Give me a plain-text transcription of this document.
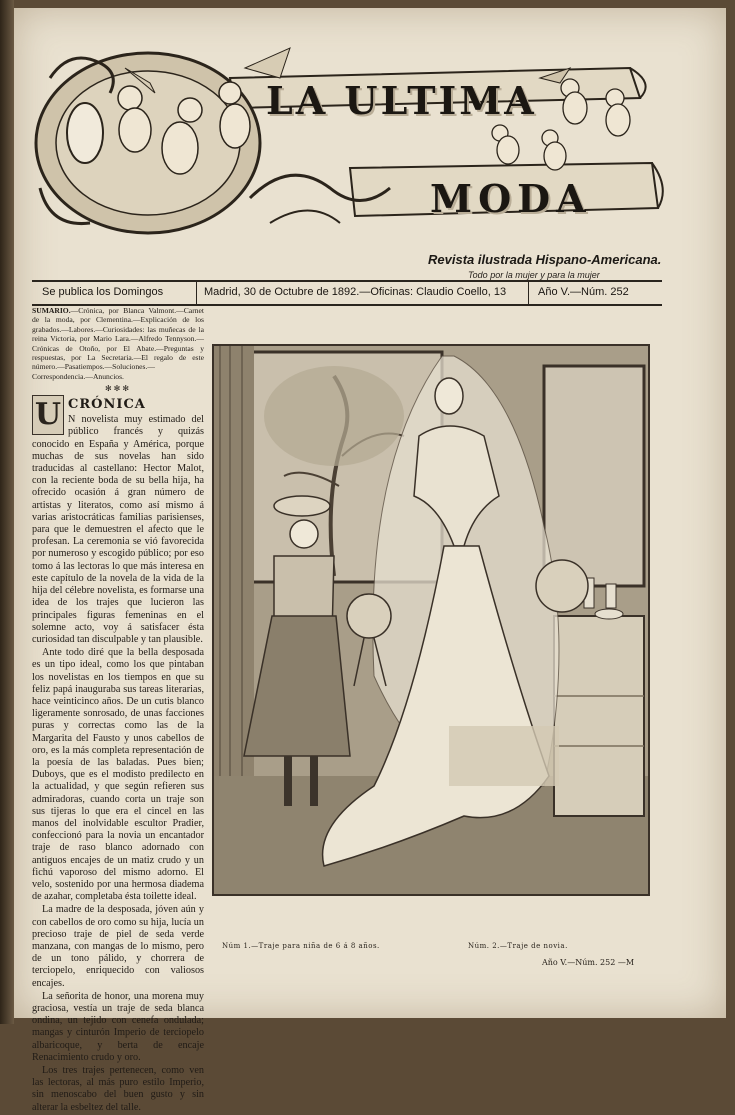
LA ULTIMA
MODA
Revista ilustrada Hispano-Americana.
Todo por la mujer y para la mujer
Se publica los Domingos	Madrid, 30 de Octubre de 1892.—Oficinas: Claudio Coello, 13	Año V.—Núm. 252

SUMARIO.—Crónica, por Blanca Valmont.—Carnet de la moda, por Clementina.—Explicación de los grabados.—Labores.—Curiosidades: las muñecas de la reina Victoria, por Mario Lara.—Alfredo Tennyson.—Crónicas de Otoño, por El Abate.—Preguntas y respuestas, por La Secretaria.—El regalo de este número.—Pasatiempos.—Soluciones.—Correspondencia.—Anuncios.

✻✻✻
U CRÓNICA

N novelista muy estimado del público francés y quizás conocido en España y América, porque muchas de sus novelas han sido traducidas al castellano: Hector Malot, con la reciente boda de su bella hija, ha ofrecido ocasión á gran número de artistas y literatos, como así mismo á varias aristocráticas familias parisienses, para que le demuestren el afecto que le profesan. La ceremonia se vió favorecida por numeroso y escogido público; por eso tomo á las lectoras lo que más interesa en este capítulo de la novela de la vida de la hija del célebre novelista, es formarse una idea de los trajes que lucieron las principales figuras femeninas en el solemne acto, voy á satisfacer ésta curiosidad tan disculpable y tan plausible.

Ante todo diré que la bella desposada es un tipo ideal, como los que pintaban los novelistas en los tiempos en que su feliz papá inauguraba sus tareas literarias, hace veinticinco años. De un cutis blanco ligeramente sonrosado, de unas facciones puras y correctas como las de la Margarita del Fausto y unos cabellos de oro, es la más completa representación de la poesía de las baladas. Pues bien; Duboys, que es el modisto predilecto en la actualidad, y que según refieren sus admiradoras, cuando corta un traje son sus tijeras lo que era el cincel en las manos del inolvidable escultor Pradier, confeccionó para la novia un encantador traje de raso blanco adornado con antiguos encajes de un matiz crudo y un fichú vaporoso del mismo adorno. El velo, sostenido por una hermosa diadema de azahar, completaba ésta toilette ideal.

La madre de la desposada, jóven aún y con cabellos de oro como su hija, lucía un precioso traje de piel de seda verde manzana, con mangas de lo mismo, pero de un tono pálido, y chorrera de terciopelo, enriquecido con valiosos encajes.

La señorita de honor, una morena muy graciosa, vestía un traje de seda blanca ondina, un tejido con cenefa ondulada; mangas y cinturón Imperio de terciopelo albaricoque, y berta de encaje Renacimiento crudo y oro.

Los tres trajes pertenecen, como ven las lectoras, al más puro estilo Imperio, sin menoscabo del buen gusto y sin alterar la esbeltez del talle.

Núm 1.—Traje para niña de 6 á 8 años.	Núm. 2.—Traje de novia.
Año V.—Núm. 252 —M
